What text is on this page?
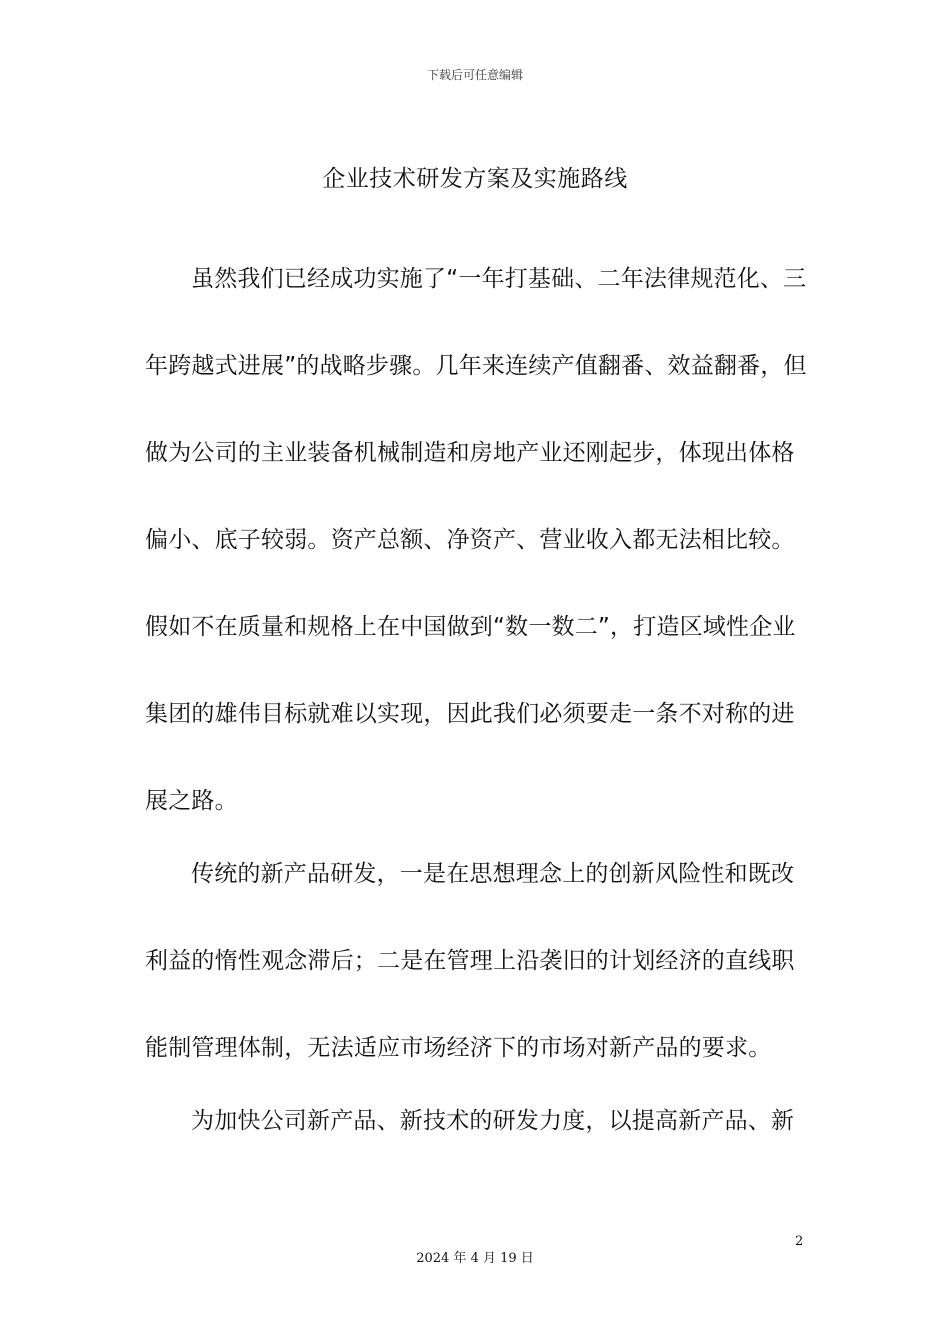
下载后可任意编辑
企业技术研发方案及实施路线
虽然我们已经成功实施了“一年打基础、二年法律规范化、三
年跨越式进展”的战略步骤。几年来连续产值翻番、效益翻番，但
做为公司的主业装备机械制造和房地产业还刚起步，体现出体格
偏小、底子较弱。资产总额、净资产、营业收入都无法相比较。
假如不在质量和规格上在中国做到“数一数二”，打造区域性企业
集团的雄伟目标就难以实现，因此我们必须要走一条不对称的进
展之路。
传统的新产品研发，一是在思想理念上的创新风险性和既改
利益的惰性观念滞后；二是在管理上沿袭旧的计划经济的直线职
能制管理体制，无法适应市场经济下的市场对新产品的要求。
为加快公司新产品、新技术的研发力度，以提高新产品、新
2
2024 年 4 月 19 日
